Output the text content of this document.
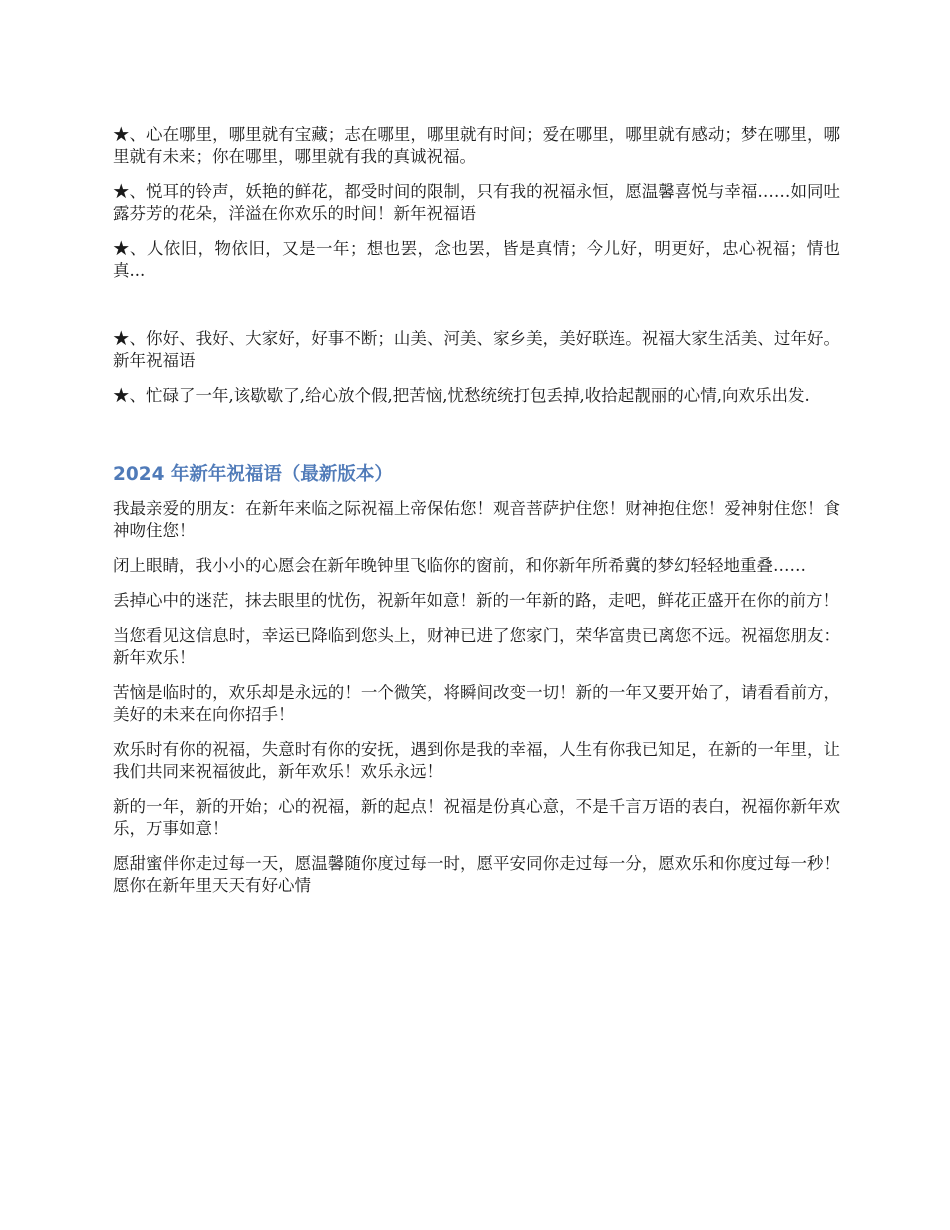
★、心在哪里，哪里就有宝藏；志在哪里，哪里就有时间；爱在哪里，哪里就有感动；梦在哪里，哪里就有未来；你在哪里，哪里就有我的真诚祝福。

★、悦耳的铃声，妖艳的鲜花，都受时间的限制，只有我的祝福永恒，愿温馨喜悦与幸福……如同吐露芬芳的花朵，洋溢在你欢乐的时间！新年祝福语

★、人依旧，物依旧，又是一年；想也罢，念也罢，皆是真情；今儿好，明更好，忠心祝福；情也真...

★、你好、我好、大家好，好事不断；山美、河美、家乡美，美好联连。祝福大家生活美、过年好。新年祝福语

★、忙碌了一年,该歇歇了,给心放个假,把苦恼,忧愁统统打包丢掉,收拾起靓丽的心情,向欢乐出发.

2024 年新年祝福语（最新版本）

我最亲爱的朋友：在新年来临之际祝福上帝保佑您！观音菩萨护住您！财神抱住您！爱神射住您！食神吻住您！

闭上眼睛，我小小的心愿会在新年晚钟里飞临你的窗前，和你新年所希冀的梦幻轻轻地重叠……

丢掉心中的迷茫，抹去眼里的忧伤，祝新年如意！新的一年新的路，走吧，鲜花正盛开在你的前方！

当您看见这信息时，幸运已降临到您头上，财神已进了您家门，荣华富贵已离您不远。祝福您朋友：新年欢乐！

苦恼是临时的，欢乐却是永远的！一个微笑，将瞬间改变一切！新的一年又要开始了，请看看前方，美好的未来在向你招手！

欢乐时有你的祝福，失意时有你的安抚，遇到你是我的幸福，人生有你我已知足，在新的一年里，让我们共同来祝福彼此，新年欢乐！欢乐永远！

新的一年，新的开始；心的祝福，新的起点！祝福是份真心意，不是千言万语的表白，祝福你新年欢乐，万事如意！

愿甜蜜伴你走过每一天，愿温馨随你度过每一时，愿平安同你走过每一分，愿欢乐和你度过每一秒！愿你在新年里天天有好心情
